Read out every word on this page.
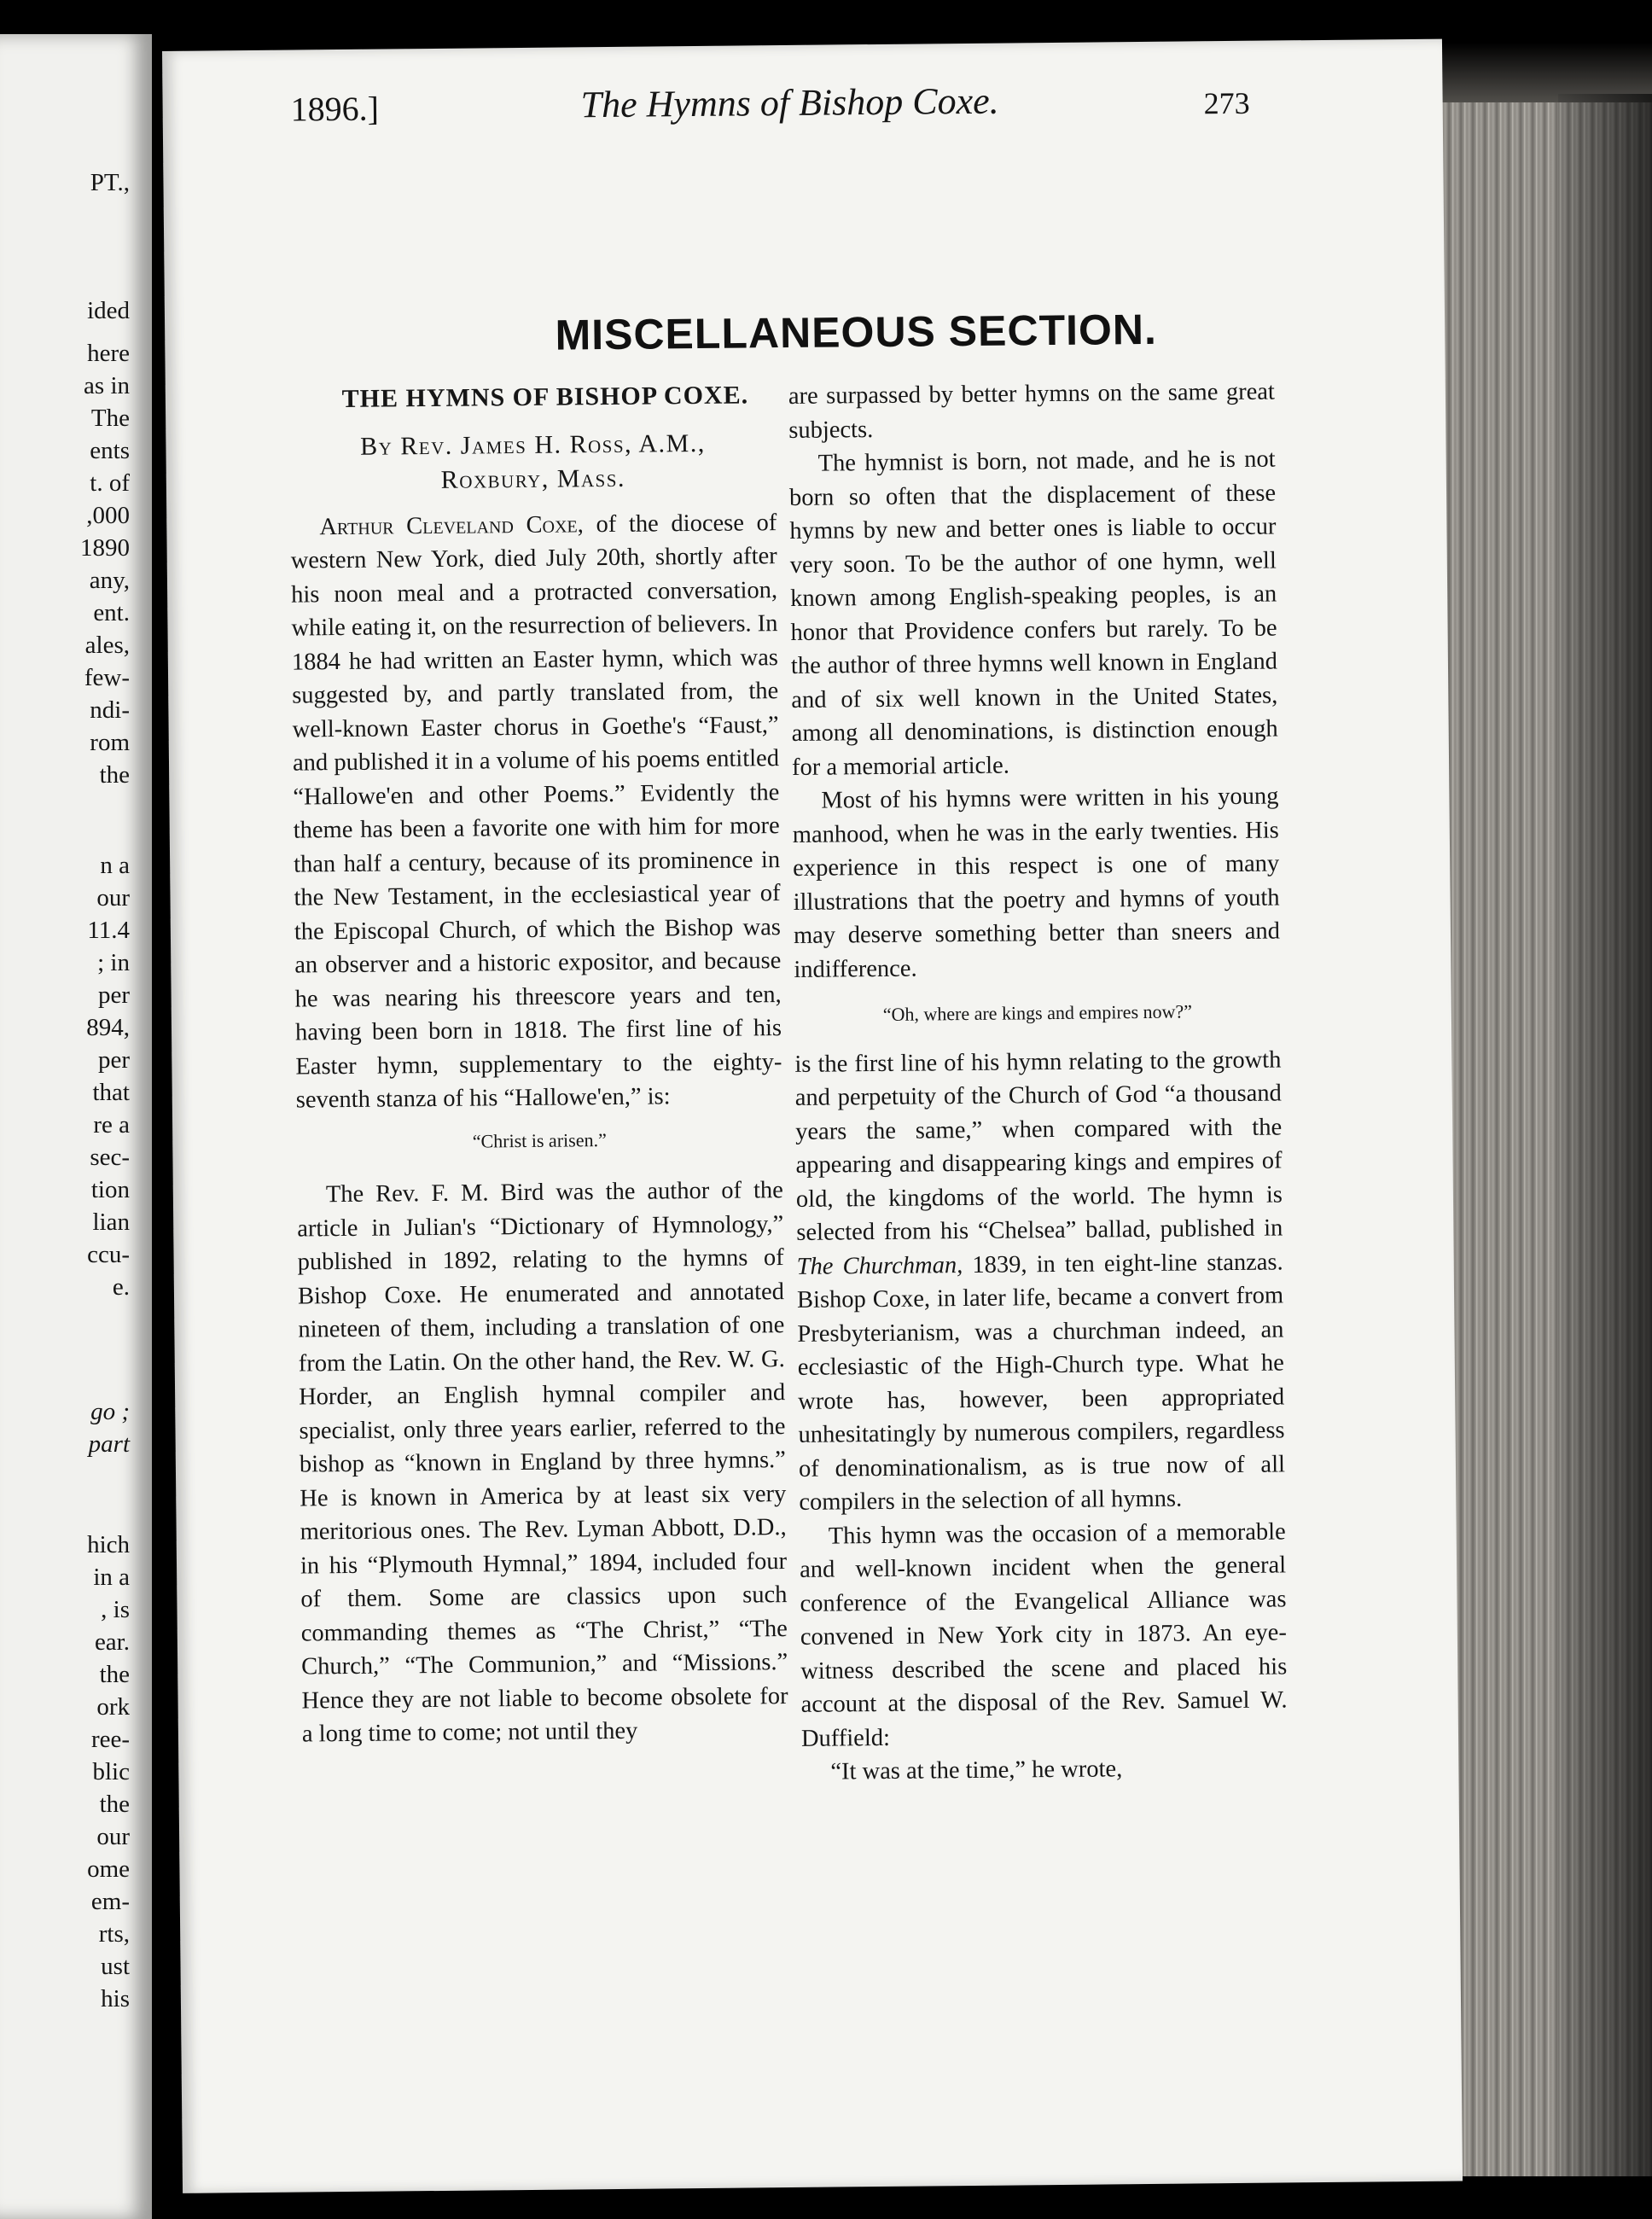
PT.,
ided
here
as in
The
ents
t. of
,000
1890
any,
ent.
ales,
few-
ndi-
rom
the
n a
our
11.4
; in
per
894,
per
that
re a
sec-
tion
lian
ccu-
e.
go ;
part
hich
in a
, is
ear.
the
ork
ree-
blic
the
our
ome
em-
rts,
ust
his
1896.]	The Hymns of Bishop Coxe.	273
MISCELLANEOUS SECTION.

THE HYMNS OF BISHOP COXE.

By Rev. James H. Ross, A.M.,

Roxbury, Mass.

Arthur Cleveland Coxe, of the diocese of western New York, died July 20th, shortly after his noon meal and a protracted conversation, while eating it, on the resurrection of believers. In 1884 he had written an Easter hymn, which was suggested by, and partly translated from, the well-known Easter chorus in Goethe's “Faust,” and published it in a volume of his poems entitled “Hallowe'en and other Poems.” Evidently the theme has been a favorite one with him for more than half a century, because of its prominence in the New Testament, in the ecclesiastical year of the Episcopal Church, of which the Bishop was an observer and a historic expositor, and because he was nearing his threescore years and ten, having been born in 1818. The first line of his Easter hymn, supplementary to the eighty-seventh stanza of his “Hallowe'en,” is:

“Christ is arisen.”

The Rev. F. M. Bird was the author of the article in Julian's “Dictionary of Hymnology,” published in 1892, relating to the hymns of Bishop Coxe. He enumerated and annotated nineteen of them, including a translation of one from the Latin. On the other hand, the Rev. W. G. Horder, an English hymnal compiler and specialist, only three years earlier, referred to the bishop as “known in England by three hymns.” He is known in America by at least six very meritorious ones. The Rev. Lyman Abbott, D.D., in his “Plymouth Hymnal,” 1894, included four of them. Some are classics upon such commanding themes as “The Christ,” “The Church,” “The Communion,” and “Missions.” Hence they are not liable to become obsolete for a long time to come; not until they

are surpassed by better hymns on the same great subjects.

The hymnist is born, not made, and he is not born so often that the displacement of these hymns by new and better ones is liable to occur very soon. To be the author of one hymn, well known among English-speaking peoples, is an honor that Providence confers but rarely. To be the author of three hymns well known in England and of six well known in the United States, among all denominations, is distinction enough for a memorial article.

Most of his hymns were written in his young manhood, when he was in the early twenties. His experience in this respect is one of many illustrations that the poetry and hymns of youth may deserve something better than sneers and indifference.

“Oh, where are kings and empires now?”

is the first line of his hymn relating to the growth and perpetuity of the Church of God “a thousand years the same,” when compared with the appearing and disappearing kings and empires of old, the kingdoms of the world. The hymn is selected from his “Chelsea” ballad, published in The Churchman, 1839, in ten eight-line stanzas. Bishop Coxe, in later life, became a convert from Presbyterianism, was a churchman indeed, an ecclesiastic of the High-Church type. What he wrote has, however, been appropriated unhesitatingly by numerous compilers, regardless of denominationalism, as is true now of all compilers in the selection of all hymns.

This hymn was the occasion of a memorable and well-known incident when the general conference of the Evangelical Alliance was convened in New York city in 1873. An eye-witness described the scene and placed his account at the disposal of the Rev. Samuel W. Duffield:

“It was at the time,” he wrote,
